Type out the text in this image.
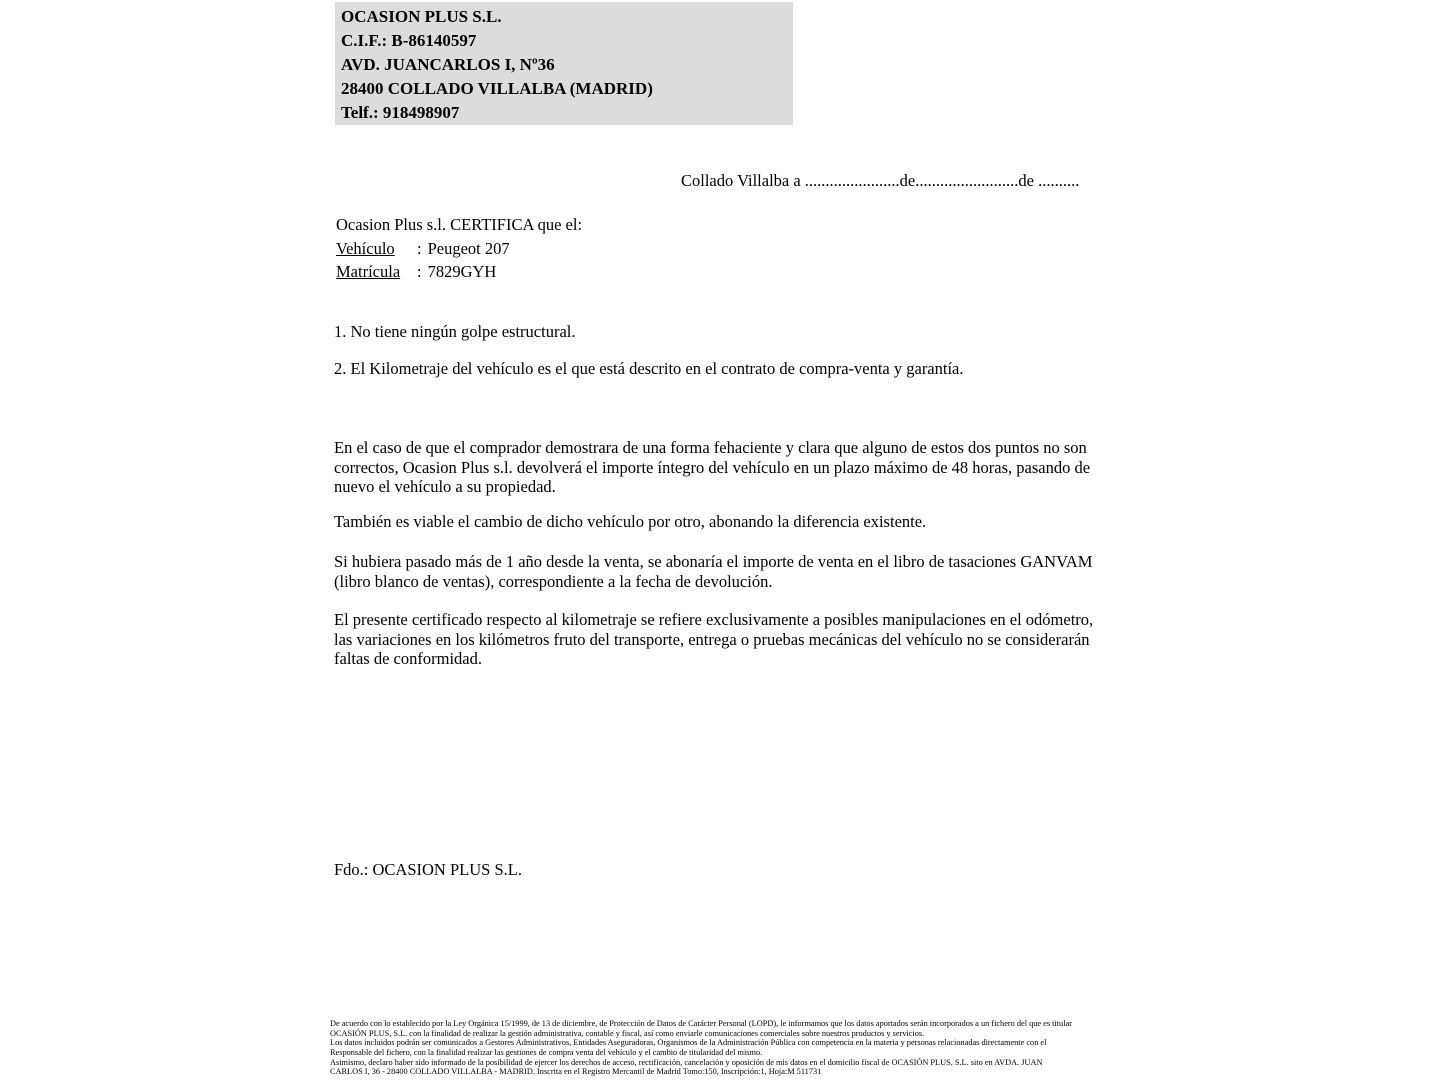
OCASION PLUS S.L.
C.I.F.: B-86140597
AVD. JUANCARLOS I, Nº36
28400 COLLADO VILLALBA (MADRID)
Telf.: 918498907
Collado Villalba a .......................de.........................de ..........
Ocasion Plus s.l. CERTIFICA que el:
Vehículo : Peugeot 207
Matrícula : 7829GYH
1. No tiene ningún golpe estructural.
2. El Kilometraje del vehículo es el que está descrito en el contrato de compra-venta y garantía.
En el caso de que el comprador demostrara de una forma fehaciente y clara que alguno de estos dos puntos no son correctos, Ocasion Plus s.l. devolverá el importe íntegro del vehículo en un plazo máximo de 48 horas, pasando de nuevo el vehículo a su propiedad.
También es viable el cambio de dicho vehículo por otro, abonando la diferencia existente.
Si hubiera pasado más de 1 año desde la venta, se abonaría el importe de venta en el libro de tasaciones GANVAM (libro blanco de ventas), correspondiente a la fecha de devolución.
El presente certificado respecto al kilometraje se refiere exclusivamente a posibles manipulaciones en el odómetro, las variaciones en los kilómetros fruto del transporte, entrega o pruebas mecánicas del vehículo no se considerarán faltas de conformidad.
Fdo.: OCASION PLUS S.L.
De acuerdo con lo establecido por la Ley Orgánica 15/1999, de 13 de diciembre, de Protección de Datos de Carácter Personal (LOPD), le informamos que los datos aportados serán incorporados a un fichero del que es titular
OCASIÓN PLUS, S.L. con la finalidad de realizar la gestión administrativa, contable y fiscal, así como enviarle comunicaciones comerciales sobre nuestros productos y servicios.
Los datos incluidos podrán ser comunicados a Gestores Administrativos, Entidades Aseguradoras, Organismos de la Administración Pública con competencia en la materia y personas relacionadas directamente con el
Responsable del fichero, con la finalidad realizar las gestiones de compra venta del vehículo y el cambio de titularidad del mismo.
Asimismo, declaro haber sido informado de la posibilidad de ejercer los derechos de acceso, rectificación, cancelación y oposición de mis datos en el domicilio fiscal de OCASIÓN PLUS, S.L. sito en AVDA. JUAN
CARLOS I, 36 - 28400 COLLADO VILLALBA - MADRID. Inscrita en el Registro Mercantil de Madrid Tomo:150, Inscripción:1, Hoja:M 511731
